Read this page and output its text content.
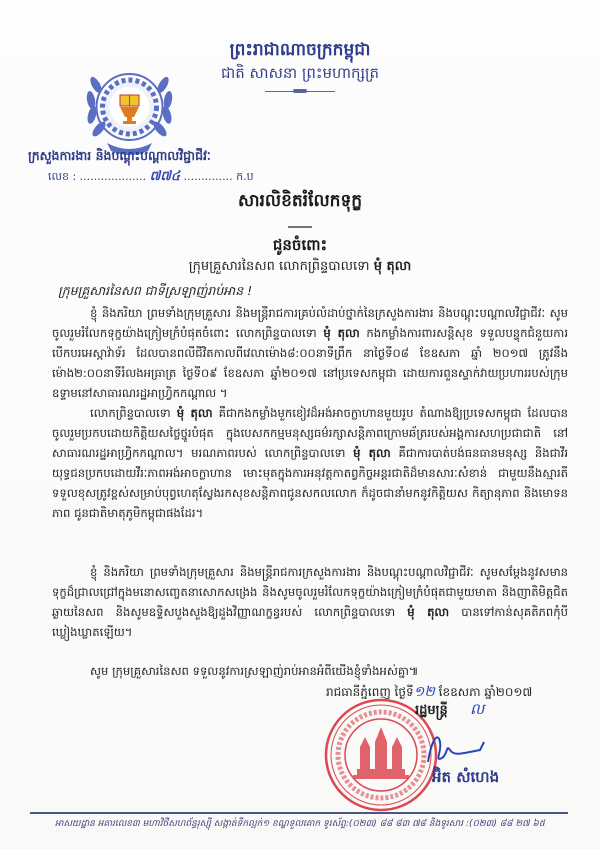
ព្រះរាជាណាចក្រកម្ពុជា
ជាតិ សាសនា ព្រះមហាក្សត្រ
ក្រសួងការងារ និងបណ្តុះបណ្តាលវិជ្ជាជីវៈ
លេខ : ................... ៧៧៤ .............. ក.ប
សារលិខិតរំលែកទុក្ខ
ជូនចំពោះ
ក្រុមគ្រួសារនៃសព លោកព្រិន្ទបាលទោ មុំ តុលា
ក្រុមគ្រួសារនៃសព ជាទីស្រឡាញ់រាប់អាន !
ខ្ញុំ និងភរិយា ព្រមទាំងក្រុមគ្រួសារ និងមន្ត្រីរាជការគ្រប់លំដាប់ថ្នាក់នៃក្រសួងការងារ និងបណ្តុះបណ្តាលវិជ្ជាជីវៈ សូមចូលរួមរំលែកទុក្ខយ៉ាងក្រៀមក្រំបំផុតចំពោះ លោកព្រិន្ទបាលទោ មុំ តុលា កងកម្លាំងការពារសន្តិសុខ ទទួលបន្ទុកជំនួយការបើកបរអេស្កាវ៉ាទ័រ ដែលបានពលីជីវិតកាលពីវេលាម៉ោង៨:០០នាទីព្រឹក នាថ្ងៃទី០៨ ខែឧសភា ឆ្នាំ ២០១៧ ត្រូវនឹងម៉ោង២:០០នាទីរំលងអធ្រាត្រ ថ្ងៃទី០៩ ខែឧសភា ឆ្នាំ២០១៧ នៅប្រទេសកម្ពុជា ដោយការពួនស្ទាក់វាយប្រហាររបស់ក្រុមឧទ្ទាមនៅសាធារណរដ្ឋអាហ្វ្រិកកណ្តាល ។
លោកព្រិន្ទបាលទោ មុំ តុលា គឺជាកងកម្លាំងមួកខៀវដ៏អង់អាចក្លាហានមួយរូប តំណាងឱ្យប្រទេសកម្ពុជា ដែលបានចូលរួមប្រកបដោយកិត្តិយសថ្លៃថ្នូរបំផុត ក្នុងបេសកកម្មមនុស្សធម៌រក្សាសន្តិភាពក្រោមឆ័ត្ររបស់អង្គការសហប្រជាជាតិ នៅសាធារណរដ្ឋអាហ្វ្រិកកណ្តាល។ មរណភាពរបស់ លោកព្រិន្ទបាលទោ មុំ តុលា គឺជាការបាត់បង់ធនធានមនុស្ស និងជាវីរយុទ្ធជនប្រកបដោយវីរៈភាពអង់អាចក្លាហាន មោះមុតក្នុងការអនុវត្តកាតព្វកិច្ចអន្តរជាតិដ៏មានសារៈសំខាន់ ជាមួយនឹងស្មារតីទទួលខុសត្រូវខ្ពស់សម្រាប់បុព្វហេតុស្វែងរកសុខសន្តិភាពជូនសកលលោក ក៏ដូចជានាំមកនូវកិត្តិយស កិត្យានុភាព និងមោទនភាព ជូនជាតិមាតុភូមិកម្ពុជាផងដែរ។
ខ្ញុំ និងភរិយា ព្រមទាំងក្រុមគ្រួសារ និងមន្ត្រីរាជការក្រសួងការងារ និងបណ្តុះបណ្តាលវិជ្ជាជីវៈ សូមសម្តែងនូវសមានទុក្ខដ៏ជ្រាលជ្រៅក្នុងមនោសញ្ចេតនាសោកសង្រេង និងសូមចូលរួមរំលែកទុក្ខយ៉ាងក្រៀមក្រំបំផុតជាមួយមាតា និងញាតិមិត្តជិតឆ្ងាយនៃសព និងសូមឧទ្ទិសបួងសួងឱ្យដួងវិញ្ញាណក្ខន្ធរបស់ លោកព្រិន្ទបាលទោ មុំ តុលា បានទៅកាន់សុគតិភពកុំបីឃ្លៀងឃ្លាតឡើយ។
សូម ក្រុមគ្រួសារនៃសព ទទួលនូវការស្រឡាញ់រាប់អានអំពីយើងខ្ញុំទាំងអស់គ្នា៕
រាជធានីភ្នំពេញ ថ្ងៃទី១២ ខែឧសភា ឆ្នាំ២០១៧
រដ្ឋមន្ត្រី ល
អ៊ិត សំហេង
អាសយដ្ឋាន អគារលេខ៣ មហាវិថីសហព័ន្ធរុស្ស៊ី សង្កាត់ទឹកល្អក់១ ខណ្ឌទួលគោក ទូរស័ព្ទ:(០២៣) ៨៨ ៨៣ ៧៨ និងទូរសារ :(០២៣) ៨៨ ២៧ ៦៥
